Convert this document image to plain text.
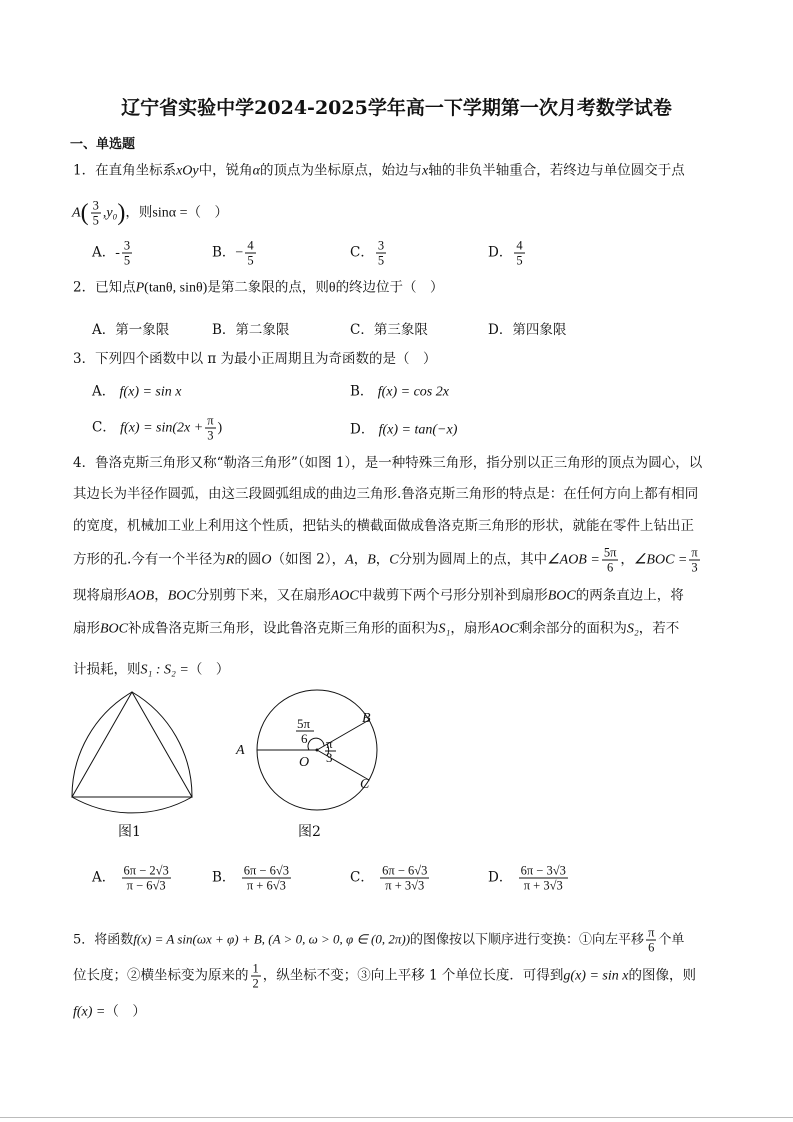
辽宁省实验中学2024-2025学年高一下学期第一次月考数学试卷
一、单选题
1．在直角坐标系xOy中，锐角α的顶点为坐标原点，始边与x轴的非负半轴重合，若终边与单位圆交于点
$A( \frac{3}{5} ,y_0)$，则sinα =（　）
A．- $\frac{3}{5}$	B．− $\frac{4}{5}$	C． $\frac{3}{5}$	D． $\frac{4}{5}$
2．已知点P(tanθ, sinθ)是第二象限的点，则θ的终边位于（　）
A．第一象限	B．第二象限	C．第三象限	D．第四象限
3．下列四个函数中以 π 为最小正周期且为奇函数的是（　）
A． f(x) = sin x	B． f(x) = cos 2x
C． $f(x) = \sin(2x + \frac{\pi}{3}$ )	D． f(x) = tan(−x)
4．鲁洛克斯三角形又称“勒洛三角形”（如图 1），是一种特殊三角形，指分别以正三角形的顶点为圆心，以
其边长为半径作圆弧，由这三段圆弧组成的曲边三角形.鲁洛克斯三角形的特点是：在任何方向上都有相同
的宽度，机械加工业上利用这个性质，把钻头的横截面做成鲁洛克斯三角形的形状，就能在零件上钻出正
方形的孔.今有一个半径为R的圆O（如图 2），A，B，C分别为圆周上的点，其中∠AOB = $\frac{5\pi}{6}$ ，∠BOC = $\frac{\pi}{3}$
现将扇形AOB，BOC分别剪下来，又在扇形AOC中裁剪下两个弓形分别补到扇形BOC的两条直边上，将
扇形BOC补成鲁洛克斯三角形，设此鲁洛克斯三角形的面积为S₁，扇形AOC剩余部分的面积为S₂，若不
计损耗，则S₁ : S₂ =（　）
图1
A
B
C
O
5π
6 π
3
图2
A． $\frac{6\pi - 2√3}{\pi - 6√3}$	B． $\frac{6\pi - 6√3}{\pi + 6√3}$	C． $\frac{6\pi - 6√3}{\pi + 3√3}$	D． $\frac{6\pi - 3√3}{\pi + 3√3}$
5．将函数f(x) = A sin(ωx + φ) + B, (A > 0, ω > 0, φ ∈ (0, 2π))的图像按以下顺序进行变换：①向左平移 $\frac{\pi}{6}$ 个单
位长度；②横坐标变为原来的 $\frac{1}{2}$ ，纵坐标不变；③向上平移 1 个单位长度．可得到g(x) = sin x的图像，则
f(x) =（　）
